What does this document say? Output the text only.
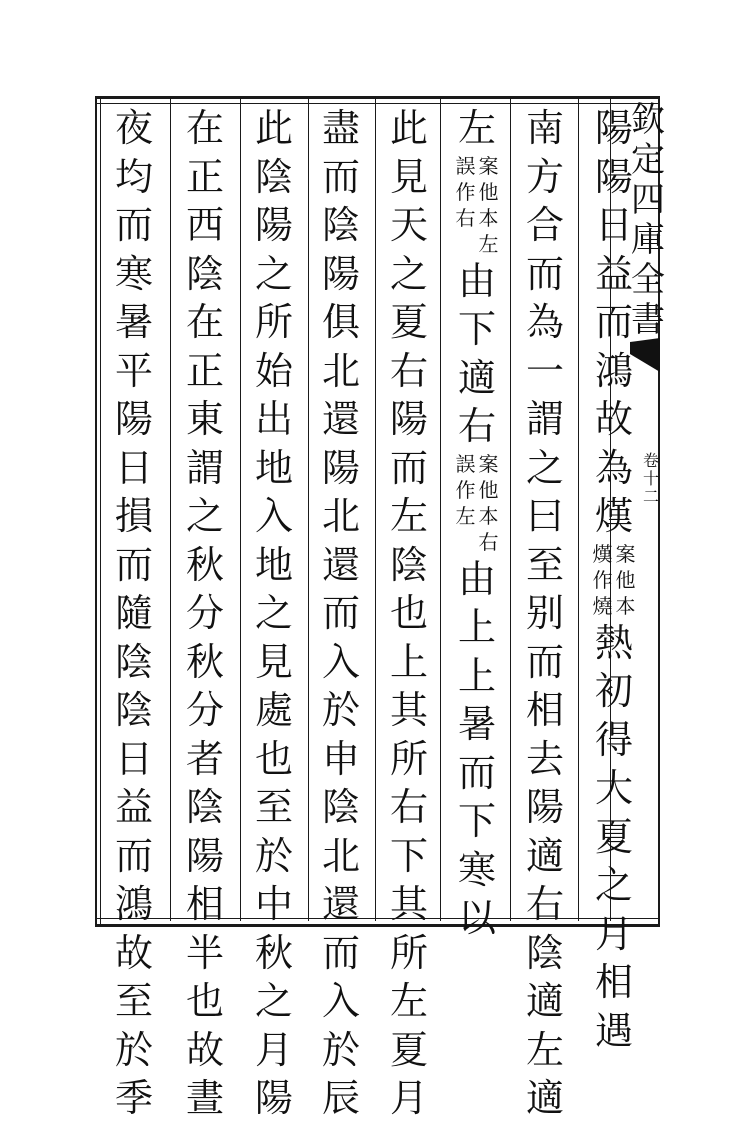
欽
定
四
庫
全
書
卷
十
二
陽
陽
日
益
而
鴻
故
為
熯
案
他
本
熯
作
燒
熱
初
得
大
夏
之
月
相
遇
南
方
合
而
為
一
謂
之
曰
至
别
而
相
去
陽
適
右
陰
適
左
適
左
案
他
本
左
誤
作
右
由
下
適
右
案
他
本
右
誤
作
左
由
上
上
暑
而
下
寒
以
此
見
天
之
夏
右
陽
而
左
陰
也
上
其
所
右
下
其
所
左
夏
月
盡
而
陰
陽
俱
北
還
陽
北
還
而
入
於
申
陰
北
還
而
入
於
辰
此
陰
陽
之
所
始
出
地
入
地
之
見
處
也
至
於
中
秋
之
月
陽
在
正
西
陰
在
正
東
謂
之
秋
分
秋
分
者
陰
陽
相
半
也
故
晝
夜
均
而
寒
暑
平
陽
日
損
而
隨
陰
陰
日
益
而
鴻
故
至
於
季
